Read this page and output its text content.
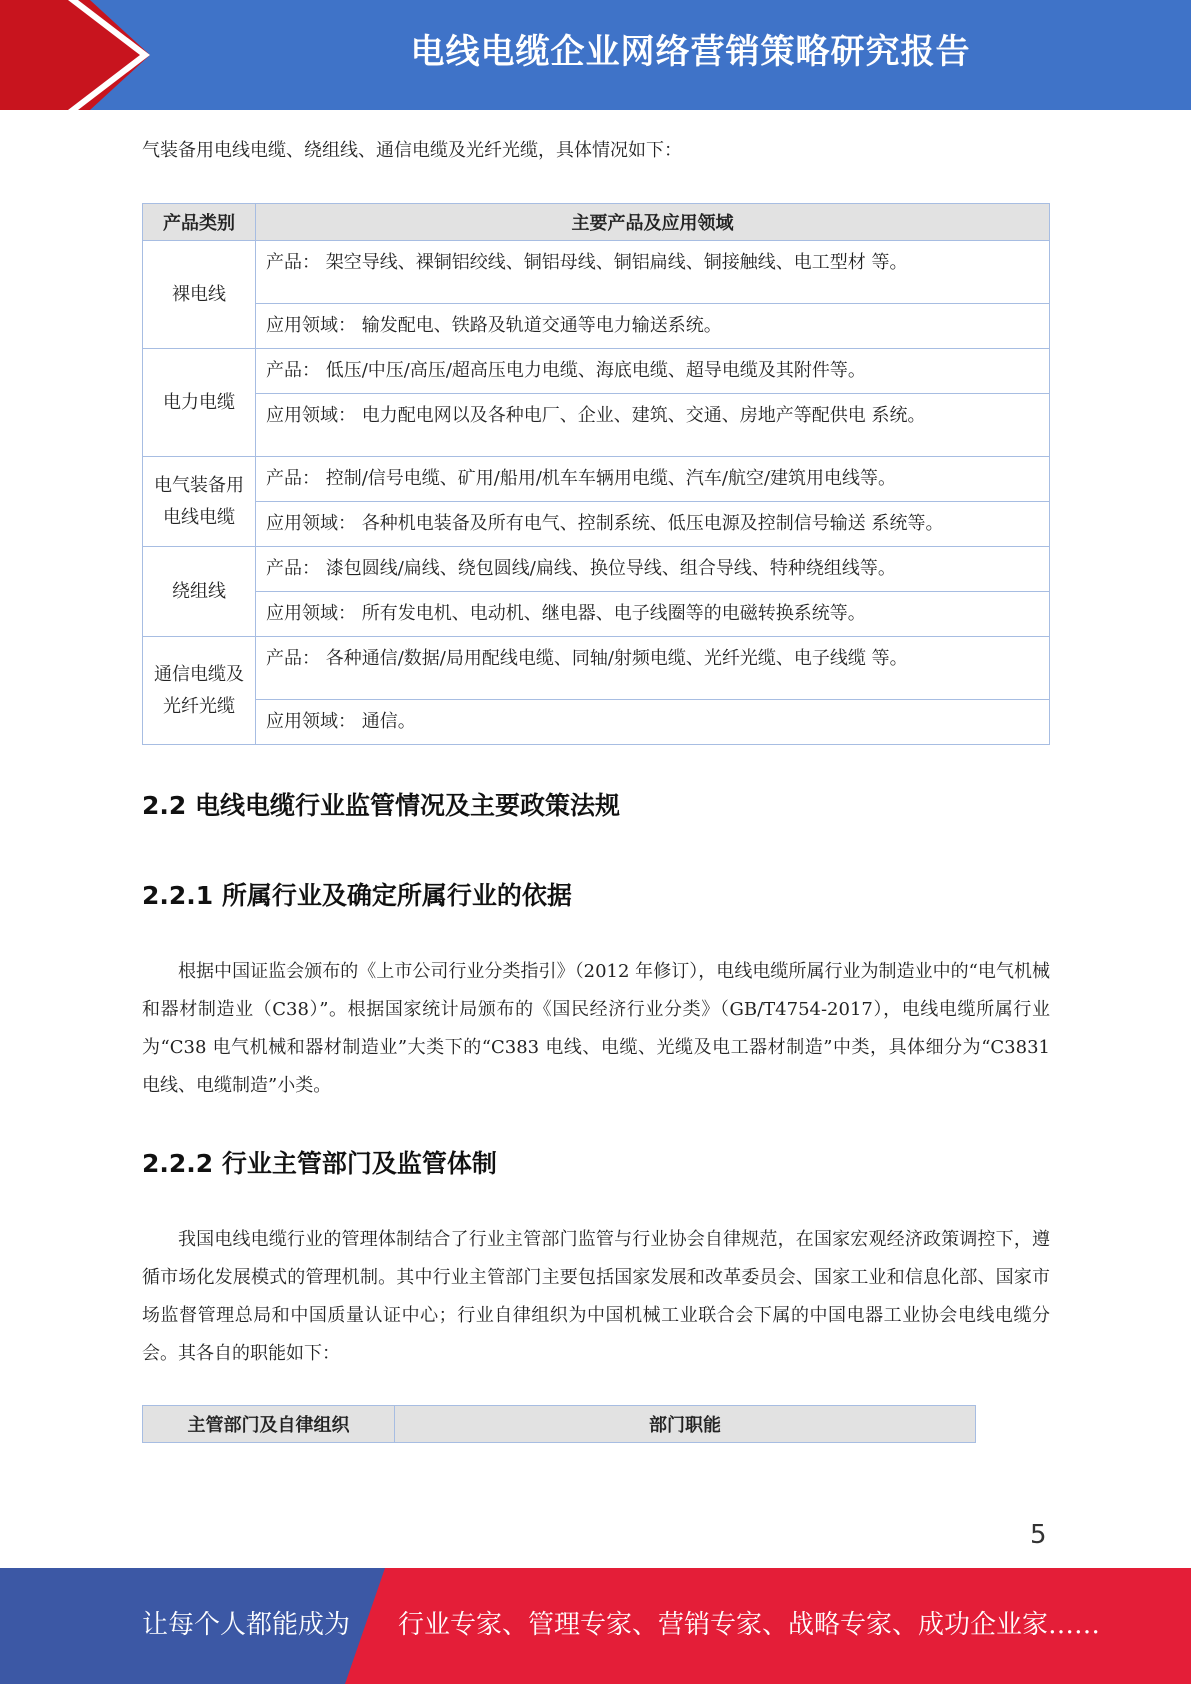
电线电缆企业网络营销策略研究报告
气装备用电线电缆、绕组线、通信电缆及光纤光缆，具体情况如下：
产品类别	主要产品及应用领域
裸电线	产品： 架空导线、裸铜铝绞线、铜铝母线、铜铝扁线、铜接触线、电工型材 等。
	应用领域： 输发配电、铁路及轨道交通等电力输送系统。
电力电缆	产品： 低压/中压/高压/超高压电力电缆、海底电缆、超导电缆及其附件等。
	应用领域： 电力配电网以及各种电厂、企业、建筑、交通、房地产等配供电 系统。
电气装备用电线电缆	产品： 控制/信号电缆、矿用/船用/机车车辆用电缆、汽车/航空/建筑用电线等。
	应用领域： 各种机电装备及所有电气、控制系统、低压电源及控制信号输送 系统等。
绕组线	产品： 漆包圆线/扁线、绕包圆线/扁线、换位导线、组合导线、特种绕组线等。
	应用领域： 所有发电机、电动机、继电器、电子线圈等的电磁转换系统等。
通信电缆及光纤光缆	产品： 各种通信/数据/局用配线电缆、同轴/射频电缆、光纤光缆、电子线缆 等。
	应用领域： 通信。
2.2 电线电缆行业监管情况及主要政策法规
2.2.1 所属行业及确定所属行业的依据
根据中国证监会颁布的《上市公司行业分类指引》（2012 年修订），电线电缆所属行业为制造业中的“电气机械和器材制造业（C38）”。根据国家统计局颁布的《国民经济行业分类》（GB/T4754-2017），电线电缆所属行业为“C38 电气机械和器材制造业”大类下的“C383 电线、电缆、光缆及电工器材制造”中类，具体细分为“C3831 电线、电缆制造”小类。
2.2.2 行业主管部门及监管体制
我国电线电缆行业的管理体制结合了行业主管部门监管与行业协会自律规范，在国家宏观经济政策调控下，遵循市场化发展模式的管理机制。其中行业主管部门主要包括国家发展和改革委员会、国家工业和信息化部、国家市场监督管理总局和中国质量认证中心；行业自律组织为中国机械工业联合会下属的中国电器工业协会电线电缆分会。其各自的职能如下：
主管部门及自律组织	部门职能
5
让每个人都能成为 行业专家、管理专家、营销专家、战略专家、成功企业家……
